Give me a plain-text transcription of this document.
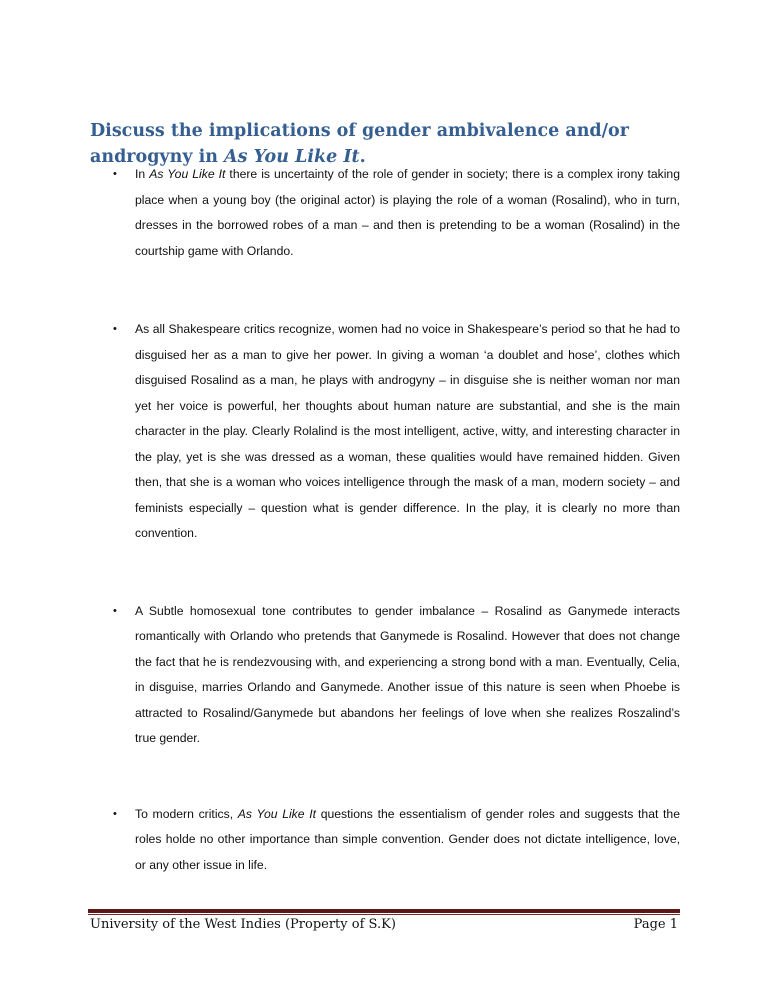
Discuss the implications of gender ambivalence and/or androgyny in As You Like It.
• In As You Like It there is uncertainty of the role of gender in society; there is a complex irony taking place when a young boy (the original actor) is playing the role of a woman (Rosalind), who in turn, dresses in the borrowed robes of a man – and then is pretending to be a woman (Rosalind) in the courtship game with Orlando.
• As all Shakespeare critics recognize, women had no voice in Shakespeare’s period so that he had to disguised her as a man to give her power. In giving a woman ‘a doublet and hose’, clothes which disguised Rosalind as a man, he plays with androgyny – in disguise she is neither woman nor man yet her voice is powerful, her thoughts about human nature are substantial, and she is the main character in the play. Clearly Rolalind is the most intelligent, active, witty, and interesting character in the play, yet is she was dressed as a woman, these qualities would have remained hidden. Given then, that she is a woman who voices intelligence through the mask of a man, modern society – and feminists especially – question what is gender difference. In the play, it is clearly no more than convention.
• A Subtle homosexual tone contributes to gender imbalance – Rosalind as Ganymede interacts romantically with Orlando who pretends that Ganymede is Rosalind. However that does not change the fact that he is rendezvousing with, and experiencing a strong bond with a man. Eventually, Celia, in disguise, marries Orlando and Ganymede. Another issue of this nature is seen when Phoebe is attracted to Rosalind/Ganymede but abandons her feelings of love when she realizes Roszalind’s true gender.
• To modern critics, As You Like It questions the essentialism of gender roles and suggests that the roles holde no other importance than simple convention. Gender does not dictate intelligence, love, or any other issue in life.
University of the West Indies (Property of S.K)	Page 1
